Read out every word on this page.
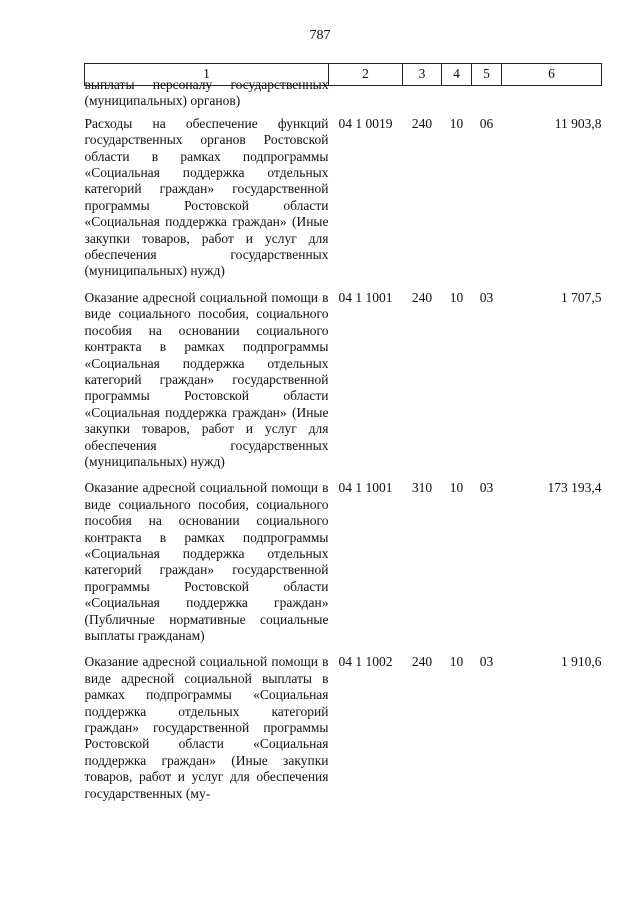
787
1	2	3	4	5	6

выплаты персоналу государственных (муниципальных) органов)					

Расходы на обеспечение функций государственных органов Ростовской области в рамках подпрограммы «Социальная поддержка отдельных категорий граждан» государственной программы Ростовской области «Социальная поддержка граждан» (Иные закупки товаров, работ и услуг для обеспечения государственных (муниципальных) нужд)	04 1 0019	240	10	06	11 903,8

Оказание адресной социальной помощи в виде социального пособия, социального пособия на основании социального контракта в рамках подпрограммы «Социальная поддержка отдельных категорий граждан» государственной программы Ростовской области «Социальная поддержка граждан» (Иные закупки товаров, работ и услуг для обеспечения государственных (муниципальных) нужд)	04 1 1001	240	10	03	1 707,5

Оказание адресной социальной помощи в виде социального пособия, социального пособия на основании социального контракта в рамках подпрограммы «Социальная поддержка отдельных категорий граждан» государственной программы Ростовской области «Социальная поддержка граждан» (Публичные нормативные социальные выплаты гражданам)	04 1 1001	310	10	03	173 193,4

Оказание адресной социальной помощи в виде адресной социальной выплаты в рамках подпрограммы «Социальная поддержка отдельных категорий граждан» государственной программы Ростовской области «Социальная поддержка граждан» (Иные закупки товаров, работ и услуг для обеспечения государственных (му-	04 1 1002	240	10	03	1 910,6
